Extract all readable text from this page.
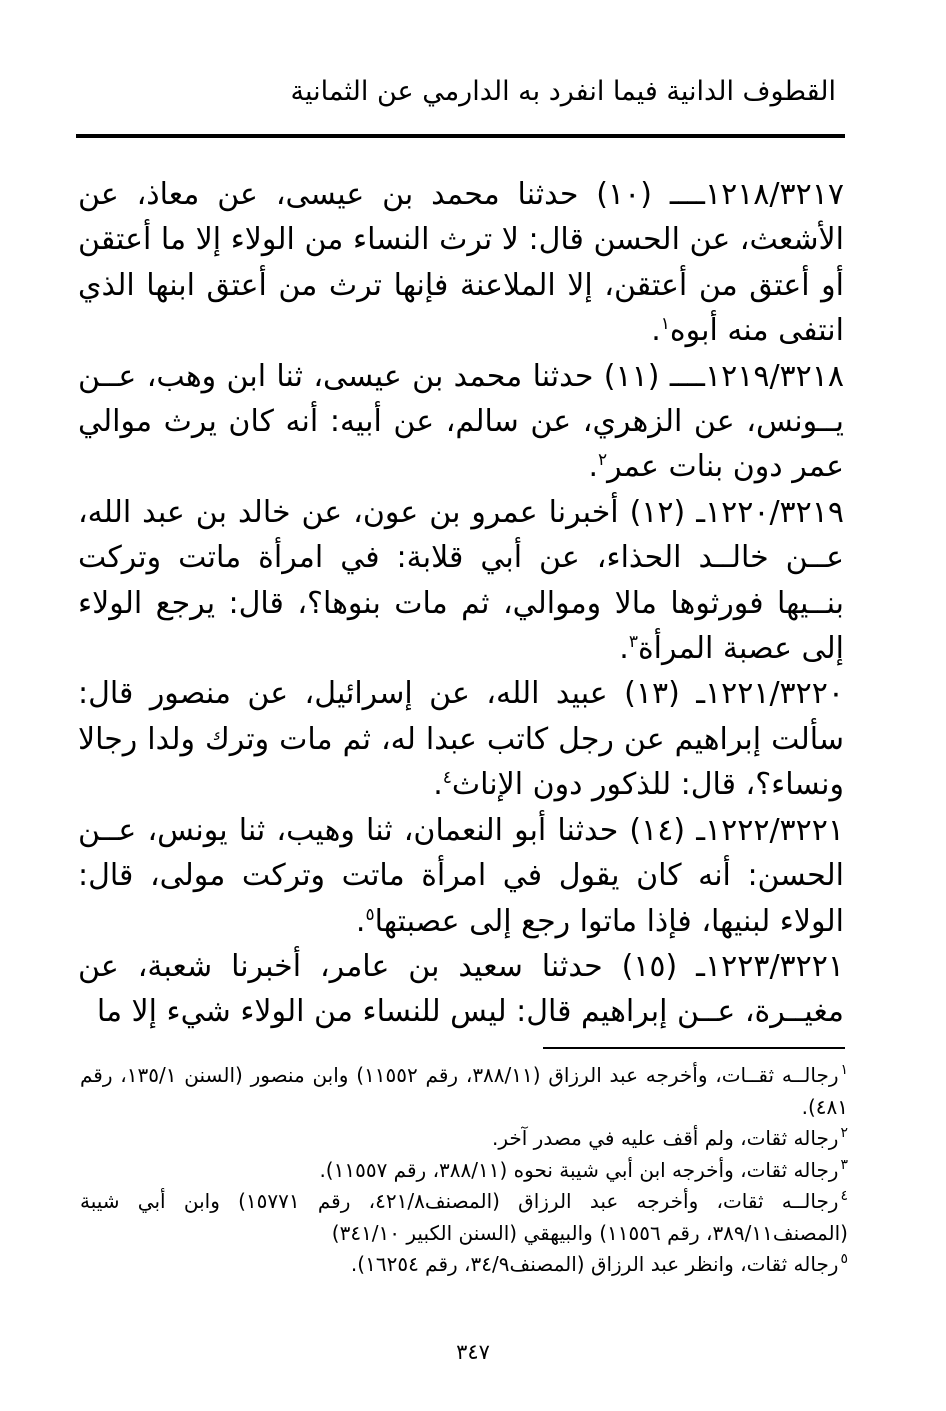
القطوف الدانية فيما انفرد به الدارمي عن الثمانية

١٢١٨/٣٢١٧ــــ (١٠) حدثنا محمد بن عيسى، عن معاذ، عن الأشعث، عن الحسن قال: لا ترث النساء من الولاء إلا ما أعتقن أو أعتق من أعتقن، إلا الملاعنة فإنها ترث من أعتق ابنها الذي انتفى منه أبوه$^١$.

١٢١٩/٣٢١٨ــــ (١١) حدثنا محمد بن عيسى، ثنا ابن وهب، عــن يــونس، عن الزهري، عن سالم، عن أبيه: أنه كان يرث موالي عمر دون بنات عمر$^٢$.

١٢٢٠/٣٢١٩ـ (١٢) أخبرنا عمرو بن عون، عن خالد بن عبد الله، عــن خالــد الحذاء، عن أبي قلابة: في امرأة ماتت وتركت بنــيها فورثوها مالا وموالي، ثم مات بنوها؟، قال: يرجع الولاء إلى عصبة المرأة$^٣$.

١٢٢١/٣٢٢٠ـ (١٣) عبيد الله، عن إسرائيل، عن منصور قال: سألت إبراهيم عن رجل كاتب عبدا له، ثم مات وترك ولدا رجالا ونساء؟، قال: للذكور دون الإناث$^٤$.

١٢٢٢/٣٢٢١ـ (١٤) حدثنا أبو النعمان، ثنا وهيب، ثنا يونس، عــن الحسن: أنه كان يقول في امرأة ماتت وتركت مولى، قال: الولاء لبنيها، فإذا ماتوا رجع إلى عصبتها$^٥$.

١٢٢٣/٣٢٢١ـ (١٥) حدثنا سعيد بن عامر، أخبرنا شعبة، عن مغيــرة، عــن إبراهيم قال: ليس للنساء من الولاء شيء إلا ما

$^١$رجالــه ثقــات، وأخرجه عبد الرزاق (٣٨٨/١١، رقم ١١٥٥٢) وابن منصور (السنن ١٣٥/١، رقم ٤٨١).

$^٢$رجاله ثقات، ولم أقف عليه في مصدر آخر.

$^٣$رجاله ثقات، وأخرجه ابن أبي شيبة نحوه (٣٨٨/١١، رقم ١١٥٥٧).

$^٤$رجالــه ثقات، وأخرجه عبد الرزاق (المصنف٤٢١/٨، رقم ١٥٧٧١) وابن أبي شيبة (المصنف٣٨٩/١١، رقم ١١٥٥٦) والبيهقي (السنن الكبير ٣٤١/١٠)

$^٥$رجاله ثقات، وانظر عبد الرزاق (المصنف٣٤/٩، رقم ١٦٢٥٤).

٣٤٧
